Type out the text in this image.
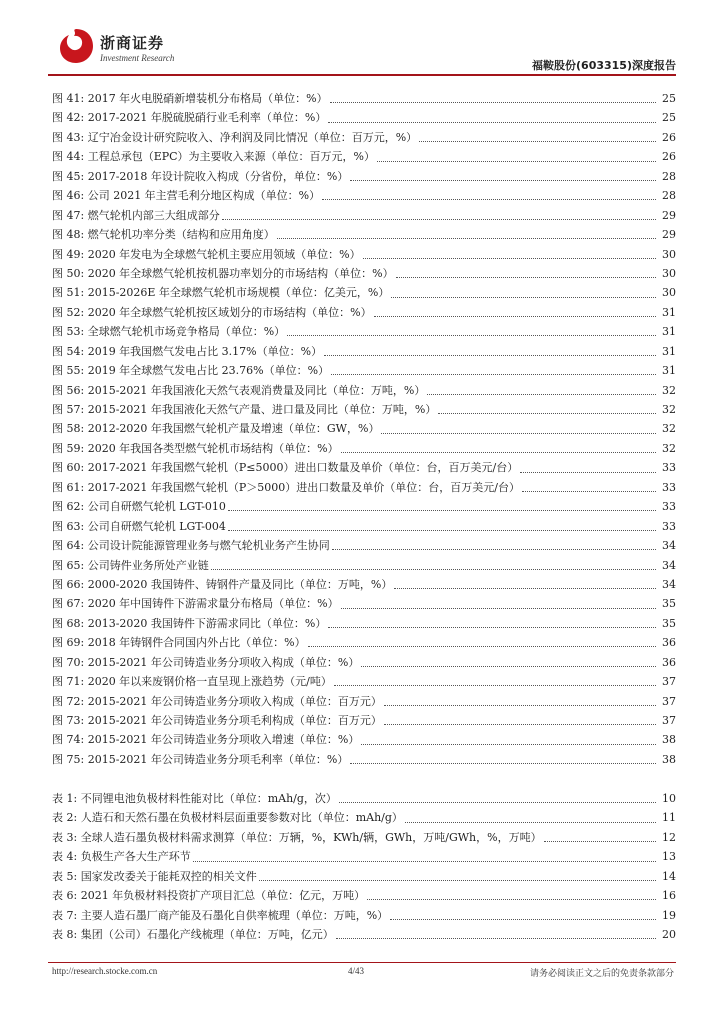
浙商证券
Investment Research
福鞍股份(603315)深度报告
图 41: 2017 年火电脱硝新增装机分布格局（单位：%）	25
图 42: 2017-2021 年脱硫脱硝行业毛利率（单位：%）	25
图 43: 辽宁冶金设计研究院收入、净利润及同比情况（单位：百万元，%）	26
图 44: 工程总承包（EPC）为主要收入来源（单位：百万元，%）	26
图 45: 2017-2018 年设计院收入构成（分省份，单位：%）	28
图 46: 公司 2021 年主营毛利分地区构成（单位：%）	28
图 47: 燃气轮机内部三大组成部分	29
图 48: 燃气轮机功率分类（结构和应用角度）	29
图 49: 2020 年发电为全球燃气轮机主要应用领域（单位：%）	30
图 50: 2020 年全球燃气轮机按机器功率划分的市场结构（单位：%）	30
图 51: 2015-2026E 年全球燃气轮机市场规模（单位：亿美元，%）	30
图 52: 2020 年全球燃气轮机按区域划分的市场结构（单位：%）	31
图 53: 全球燃气轮机市场竞争格局（单位：%）	31
图 54: 2019 年我国燃气发电占比 3.17%（单位：%）	31
图 55: 2019 年全球燃气发电占比 23.76%（单位：%）	31
图 56: 2015-2021 年我国液化天然气表观消费量及同比（单位：万吨，%）	32
图 57: 2015-2021 年我国液化天然气产量、进口量及同比（单位：万吨，%）	32
图 58: 2012-2020 年我国燃气轮机产量及增速（单位：GW，%）	32
图 59: 2020 年我国各类型燃气轮机市场结构（单位：%）	32
图 60: 2017-2021 年我国燃气轮机（P≤5000）进出口数量及单价（单位：台，百万美元/台）	33
图 61: 2017-2021 年我国燃气轮机（P＞5000）进出口数量及单价（单位：台，百万美元/台）	33
图 62: 公司自研燃气轮机 LGT-010	33
图 63: 公司自研燃气轮机 LGT-004	33
图 64: 公司设计院能源管理业务与燃气轮机业务产生协同	34
图 65: 公司铸件业务所处产业链	34
图 66: 2000-2020 我国铸件、铸钢件产量及同比（单位：万吨，%）	34
图 67: 2020 年中国铸件下游需求量分布格局（单位：%）	35
图 68: 2013-2020 我国铸件下游需求同比（单位：%）	35
图 69: 2018 年铸钢件合同国内外占比（单位：%）	36
图 70: 2015-2021 年公司铸造业务分项收入构成（单位：%）	36
图 71: 2020 年以来废钢价格一直呈现上涨趋势（元/吨）	37
图 72: 2015-2021 年公司铸造业务分项收入构成（单位：百万元）	37
图 73: 2015-2021 年公司铸造业务分项毛利构成（单位：百万元）	37
图 74: 2015-2021 年公司铸造业务分项收入增速（单位：%）	38
图 75: 2015-2021 年公司铸造业务分项毛利率（单位：%）	38
表 1: 不同锂电池负极材料性能对比（单位：mAh/g，次）	10
表 2: 人造石和天然石墨在负极材料层面重要参数对比（单位：mAh/g）	11
表 3: 全球人造石墨负极材料需求测算（单位：万辆，%，KWh/辆，GWh，万吨/GWh，%，万吨）	12
表 4: 负极生产各大生产环节	13
表 5: 国家发改委关于能耗双控的相关文件	14
表 6: 2021 年负极材料投资扩产项目汇总（单位：亿元，万吨）	16
表 7: 主要人造石墨厂商产能及石墨化自供率梳理（单位：万吨，%）	19
表 8: 集团（公司）石墨化产线梳理（单位：万吨，亿元）	20
http://research.stocke.com.cn	4/43	请务必阅读正文之后的免责条款部分
